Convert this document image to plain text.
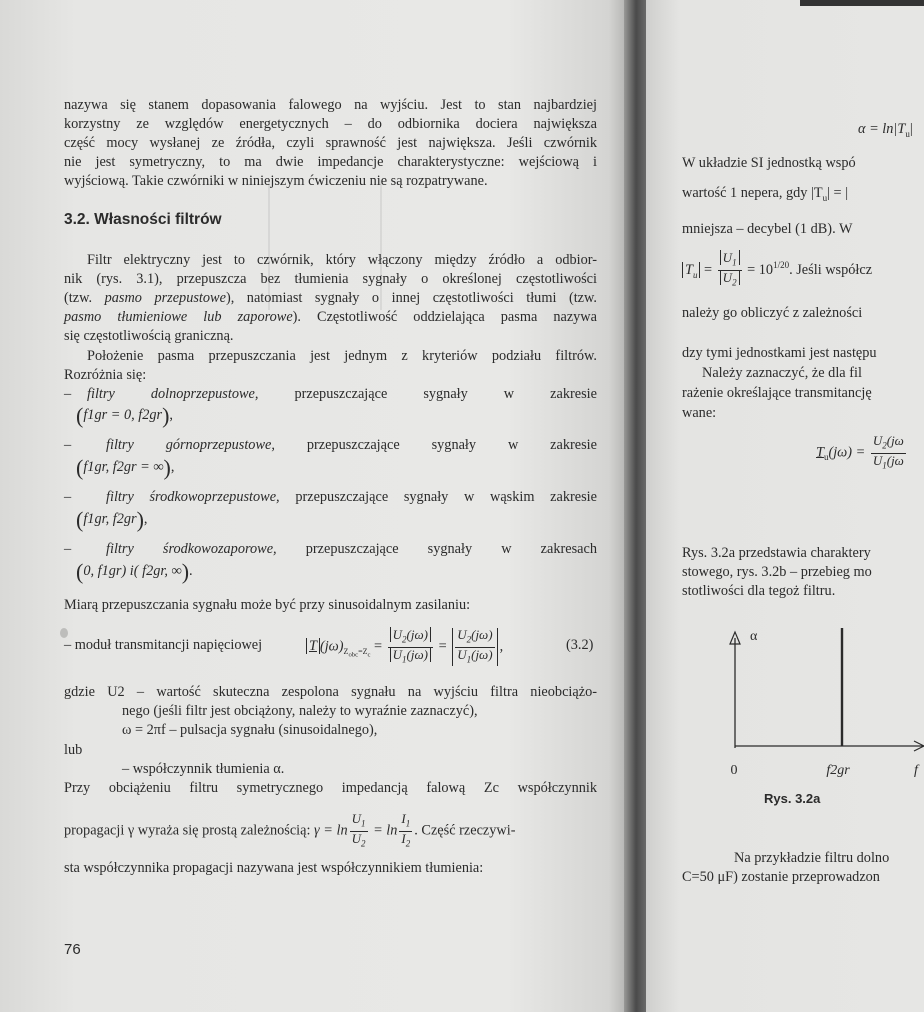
nazywa się stanem dopasowania falowego na wyjściu. Jest to stan najbardziej
korzystny ze względów energetycznych – do odbiornika dociera największa
część mocy wysłanej ze źródła, czyli sprawność jest największa. Jeśli czwórnik
nie jest symetryczny, to ma dwie impedancje charakterystyczne: wejściową i
wyjściową. Takie czwórniki w niniejszym ćwiczeniu nie są rozpatrywane.
3.2. Własności filtrów
Filtr elektryczny jest to czwórnik, który włączony między źródło a odbior-
nik (rys. 3.1), przepuszcza bez tłumienia sygnały o określonej częstotliwości
(tzw. pasmo przepustowe), natomiast sygnały o innej częstotliwości tłumi (tzw.
pasmo tłumieniowe lub zaporowe). Częstotliwość oddzielająca pasma nazywa
się częstotliwością graniczną.
Położenie pasma przepuszczania jest jednym z kryteriów podziału filtrów.
Rozróżnia się:
– filtry dolnoprzepustowe,	przepuszczające sygnały w zakresie
(f1gr = 0, f2gr),
– filtry górnoprzepustowe, przepuszczające sygnały w zakresie
(f1gr, f2gr = ∞),
– filtry środkowoprzepustowe, przepuszczające sygnały w wąskim zakresie
(f1gr, f2gr),
– filtry środkowozaporowe, przepuszczające sygnały w zakresach
(0, f1gr) i( f2gr, ∞).
Miarą przepuszczania sygnału może być przy sinusoidalnym zasilaniu:
– moduł transmitancji napięciowej	T $(j\omega)_{Z_{obc}=Z_c} = \frac{U_2(j\omega)}{U_1(j\omega)} = \frac{U_2(j\omega)}{U_1(j\omega)}$ ,	(3.2)
gdzie U2 – wartość skuteczna zespolona sygnału na wyjściu filtra nieobciążo-
nego (jeśli filtr jest obciążony, należy to wyraźnie zaznaczyć),
ω = 2πf – pulsacja sygnału (sinusoidalnego),
lub
– współczynnik tłumienia α.
Przy obciążeniu filtru symetrycznego impedancją falową Zc współczynnik
propagacji γ wyraża się prostą zależnością: $\gamma = \ln \frac{U_1}{U_2} = \ln \frac{I_1}{I_2}$ . Część rzeczywi-
sta współczynnika propagacji nazywana jest współczynnikiem tłumienia:
76
$\alpha = \ln|T_u|$
W układzie SI jednostką wspó
wartość 1 nepera, gdy $|T_u|$ = |
mniejsza – decybel (1 dB). W
$T_u = \frac{U_1}{U_2} = 10^{1/20}$. Jeśli współcz
należy go obliczyć z zależności
dzy tymi jednostkami jest następu
Należy zaznaczyć, że dla fil
rażenie określające transmitancję
wane:
$T_u(j\omega) = \frac{U_2(j\omega}{U_1(j\omega}$
Rys. 3.2a przedstawia charaktery
stowego, rys. 3.2b – przebieg mo
stotliwości dla tegoż filtru.
α
0	f2gr	f
Rys. 3.2a
Na przykładzie filtru dolno
C=50 μF) zostanie przeprowadzon
